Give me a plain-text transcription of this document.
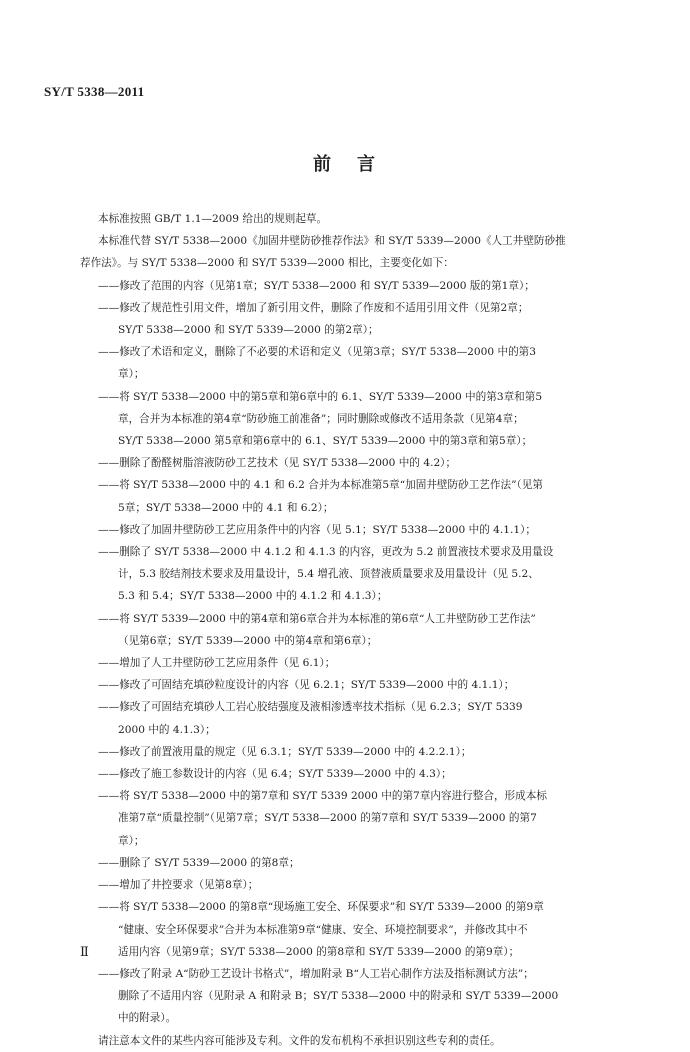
SY/T 5338—2011
前 言

本标准按照 GB/T 1.1—2009 给出的规则起草。

本标准代替 SY/T 5338—2000《加固井壁防砂推荐作法》和 SY/T 5339—2000《人工井壁防砂推

荐作法》。与 SY/T 5338—2000 和 SY/T 5339—2000 相比，主要变化如下：

——修改了范围的内容（见第1章；SY/T 5338—2000 和 SY/T 5339—2000 版的第1章）；
——修改了规范性引用文件，增加了新引用文件，删除了作废和不适用引用文件（见第2章；
SY/T 5338—2000 和 SY/T 5339—2000 的第2章）；
——修改了术语和定义，删除了不必要的术语和定义（见第3章；SY/T 5338—2000 中的第3
章）；
——将 SY/T 5338—2000 中的第5章和第6章中的 6.1、SY/T 5339—2000 中的第3章和第5
章，合并为本标准的第4章“防砂施工前准备”；同时删除或修改不适用条款（见第4章；
SY/T 5338—2000 第5章和第6章中的 6.1、SY/T 5339—2000 中的第3章和第5章）；
——删除了酚醛树脂溶液防砂工艺技术（见 SY/T 5338—2000 中的 4.2）；
——将 SY/T 5338—2000 中的 4.1 和 6.2 合并为本标准第5章“加固井壁防砂工艺作法”（见第
5章；SY/T 5338—2000 中的 4.1 和 6.2）；
——修改了加固井壁防砂工艺应用条件中的内容（见 5.1；SY/T 5338—2000 中的 4.1.1）；
——删除了 SY/T 5338—2000 中 4.1.2 和 4.1.3 的内容，更改为 5.2 前置液技术要求及用量设
计，5.3 胶结剂技术要求及用量设计，5.4 增孔液、顶替液质量要求及用量设计（见 5.2、
5.3 和 5.4；SY/T 5338—2000 中的 4.1.2 和 4.1.3）；
——将 SY/T 5339—2000 中的第4章和第6章合并为本标准的第6章“人工井壁防砂工艺作法”
（见第6章；SY/T 5339—2000 中的第4章和第6章）；
——增加了人工井壁防砂工艺应用条件（见 6.1）；
——修改了可固结充填砂粒度设计的内容（见 6.2.1；SY/T 5339—2000 中的 4.1.1）；
——修改了可固结充填砂人工岩心胶结强度及液相渗透率技术指标（见 6.2.3；SY/T 5339
2000 中的 4.1.3）；
——修改了前置液用量的规定（见 6.3.1；SY/T 5339—2000 中的 4.2.2.1）；
——修改了施工参数设计的内容（见 6.4；SY/T 5339—2000 中的 4.3）；
——将 SY/T 5338—2000 中的第7章和 SY/T 5339 2000 中的第7章内容进行整合，形成本标
准第7章“质量控制”（见第7章；SY/T 5338—2000 的第7章和 SY/T 5339—2000 的第7
章）；
——删除了 SY/T 5339—2000 的第8章；
——增加了井控要求（见第8章）；
——将 SY/T 5338—2000 的第8章“现场施工安全、环保要求”和 SY/T 5339—2000 的第9章
“健康、安全环保要求”合并为本标准第9章“健康、安全、环境控制要求”，并修改其中不
适用内容（见第9章；SY/T 5338—2000 的第8章和 SY/T 5339—2000 的第9章）；
——修改了附录 A“防砂工艺设计书格式”，增加附录 B“人工岩心制作方法及指标测试方法”；
删除了不适用内容（见附录 A 和附录 B；SY/T 5338—2000 中的附录和 SY/T 5339—2000
中的附录）。

请注意本文件的某些内容可能涉及专利。文件的发布机构不承担识别这些专利的责任。

Ⅱ
